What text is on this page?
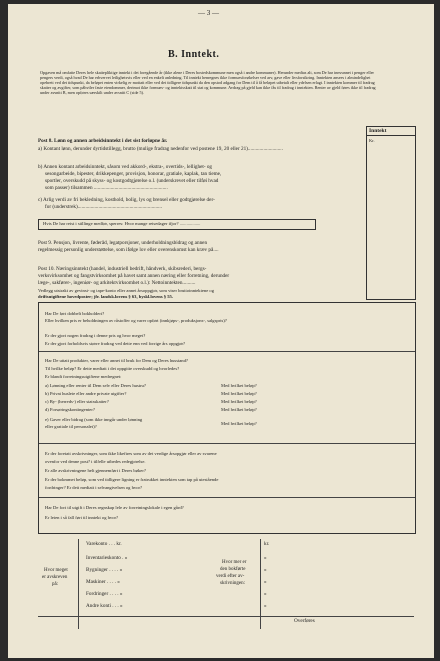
— 3 —
B. Inntekt.
Opgaven må omfatte Deres hele skattepliktige inntekt i det foregående år (ikke alene i Deres bostedskommune men også i andre kommuner). Herunder medtas alt, som De har innvunnet i penger eller pengers verdi, også hvad De har erhvervet leilighetsvis eller ved en enkelt anledning. Til inntekt henregnes ikke formuesforøkelser ved arv, gave eller livsforsikring. Inntekten ansees i almindelighet opebrett ved det tidspunkt, da beløpet enten virkelig er mottatt eller ved det tidligere tidspunkt da den opstod adgang for Dem til å få beløpet utbetalt eller ydelsen erlagt. I inntekten kommer til fradrag skatter og avgifter, som påhviler faste eiendommer, derimot ikke formues- og inntektsskatt til stat og kommune. Avdrag på gjeld kan ikke fås til fradrag i inntekten. Renter av gjeld føres ikke til fradrag under avsnitt B, men opføres særskilt under avsnitt C (side 5).
Inntekt
Kr.
Post 8. Lønn og annen arbeidsinntekt i det sist forløpne år.
a) Kontant lønn, derunder dyrtidstillegg, brutto (mulige fradrag nedenfor ved postene 19, 20 eller 21)...........................
b) Annen kontant arbeidsinntekt, såsom ved akkord-, ekstra-, overtids-, lellighet- og
sesongarbeide, bipester, drikkepenger, provisjon, honorar, gratiale, kaplak, tan tieme,
sportler, overskudd på skyss- og kostgodtgjørelse o.l. (underskrevet eller tilføi hvad
som passer) tilsammen .........................................................
c) Arlig verdi av fri bekledning, kosthold, bolig, lys og brensel eller godtgjørelse der-
for (understrek).................................................................
Hvis De har reist i stillinge medfør, sperres: Hvor mange reisedager ifjor? ..................
Post 9. Pensjon, livrente, føderåd, legatporsjoner, underholdningsbidrag og annen
regelmessig personlig understøttelse, som ifølge lov eller overenskomst kan kræv på....
Post 10. Næringsinntekt (handel, industriell bedrift, håndverk, skibsrederi, bergs-
verksvirksomhet og fangstvirksomhet på havet samt annen næring eller forretning, derunder
læge-, sakfører-, ingeniør- og arkitektvirksomhet o.l.): Nettoinntekten..........
Vedlegg utstrakt av gevinst- og tape-konto eller annet årsoppgjør, som viser bruttoinntektene og
driftsutgiftene hovedposter; jfr. landsk.lovens § 63, byskl.lovens § 55.
Har De ført dobbelt bokholderi?
Eller hvilken pris er beholdningen av råstoffer og varer opført (innkjøps-, produksjons-, salgspris)?
Er der gjort nogen fradrag i denne pris og hvor meget?
Er der gjort forholdsvis større fradrag ved dette enn ved forrige års oppgjør?
Har De uttatt produkter, varer eller annet til bruk for Dem og Deres husstand?
Til hvilke beløp? Er dette medtatt i det oppgitte overskudd og hvorledes?
Er blandt forretningsutgiftene medregnet:
a) Lønning eller renter til Dem selv eller Deres hustru?
b) Privat husleie eller andre private utgifter?
c) By- (herreds-) eller statsskatter?
d) Forsøringskontingenter?
e) Gaver eller bidrag (som ikke inngår under lønning
eller gratiale til personalet)?
Med hvilket beløp?
Med hvilket beløp?
Med hvilket beløp?
Med hvilket beløp?
Med hvilket beløp?
Er der foretatt avskrivninger, som ikke likeftres som av det verdige årsopgjør eller av svarene
ovenfor ved denne post? i tilfelle utbedes redegjørelse.
Er alle avskrivningene helt gjennemført i Deres bøker?
Er der bokmmet beløp, som ved tidligere ligning er fratrukket inntekten som tap på utestående
fordringer? Er dett medtatt i selvangivelsen og hvor?
Har De fort til utgift i Deres regnskap lele av forretningslokale i egen gård?
Er leien i så fall ført til inntekt og hvor?
Hvor meget
er avskreven
på:
Varekonto . . . kr.
Inventarieskonto . »
Bygninger . . . . »
Maskiner . . . . »
Fordringer . . . . »
Andre konti . . . »
Hvor mer er
den bokførte
verdi efter av-
skrivningen:
kr.
»
»
»
»
»
Overføres
